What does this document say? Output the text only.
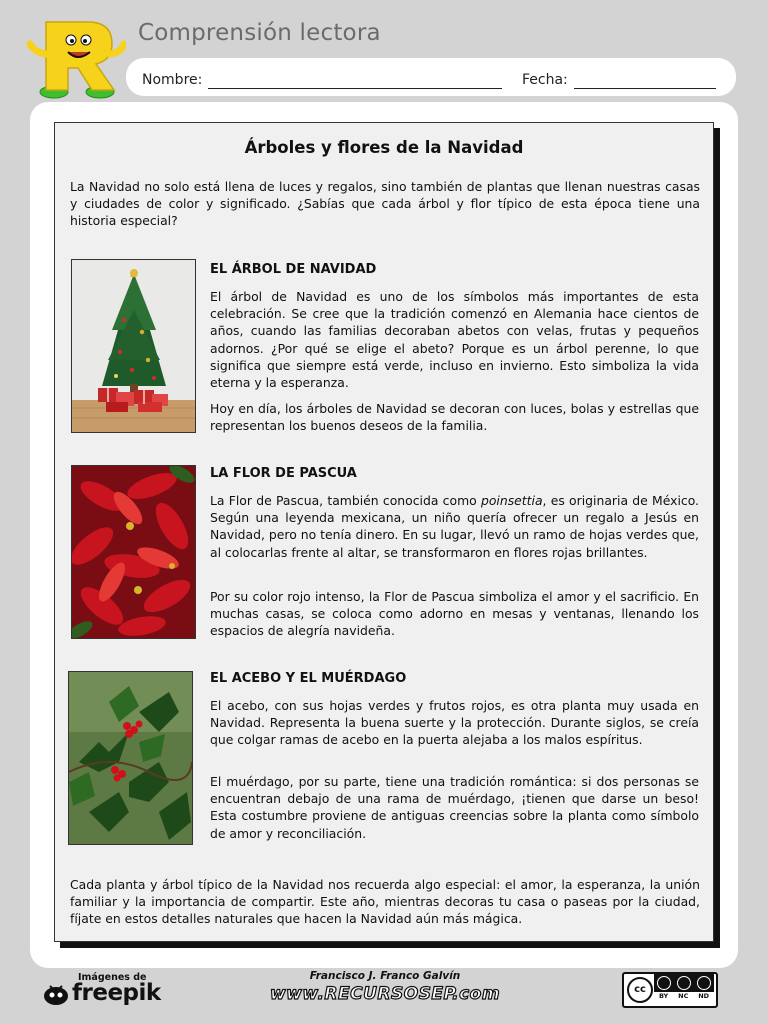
Comprensión lectora
Nombre:	Fecha:
Árboles y flores de la Navidad
La Navidad no solo está llena de luces y regalos, sino también de plantas que llenan nuestras casas y ciudades de color y significado. ¿Sabías que cada árbol y flor típico de esta época tiene una historia especial?
EL ÁRBOL DE NAVIDAD
El árbol de Navidad es uno de los símbolos más importantes de esta celebración. Se cree que la tradición comenzó en Alemania hace cientos de años, cuando las familias decoraban abetos con velas, frutas y pequeños adornos. ¿Por qué se elige el abeto? Porque es un árbol perenne, lo que significa que siempre está verde, incluso en invierno. Esto simboliza la vida eterna y la esperanza.
Hoy en día, los árboles de Navidad se decoran con luces, bolas y estrellas que representan los buenos deseos de la familia.
LA FLOR DE PASCUA
La Flor de Pascua, también conocida como poinsettia, es originaria de México. Según una leyenda mexicana, un niño quería ofrecer un regalo a Jesús en Navidad, pero no tenía dinero. En su lugar, llevó un ramo de hojas verdes que, al colocarlas frente al altar, se transformaron en flores rojas brillantes.
Por su color rojo intenso, la Flor de Pascua simboliza el amor y el sacrificio. En muchas casas, se coloca como adorno en mesas y ventanas, llenando los espacios de alegría navideña.
EL ACEBO Y EL MUÉRDAGO
El acebo, con sus hojas verdes y frutos rojos, es otra planta muy usada en Navidad. Representa la buena suerte y la protección. Durante siglos, se creía que colgar ramas de acebo en la puerta alejaba a los malos espíritus.
El muérdago, por su parte, tiene una tradición romántica: si dos personas se encuentran debajo de una rama de muérdago, ¡tienen que darse un beso! Esta costumbre proviene de antiguas creencias sobre la planta como símbolo de amor y reconciliación.
Cada planta y árbol típico de la Navidad nos recuerda algo especial: el amor, la esperanza, la unión familiar y la importancia de compartir. Este año, mientras decoras tu casa o paseas por la ciudad, fíjate en estos detalles naturales que hacen la Navidad aún más mágica.
Imágenes de
freepik
Francisco J. Franco Galvín
www.RECURSOSEP.com	cc
BY NC ND
